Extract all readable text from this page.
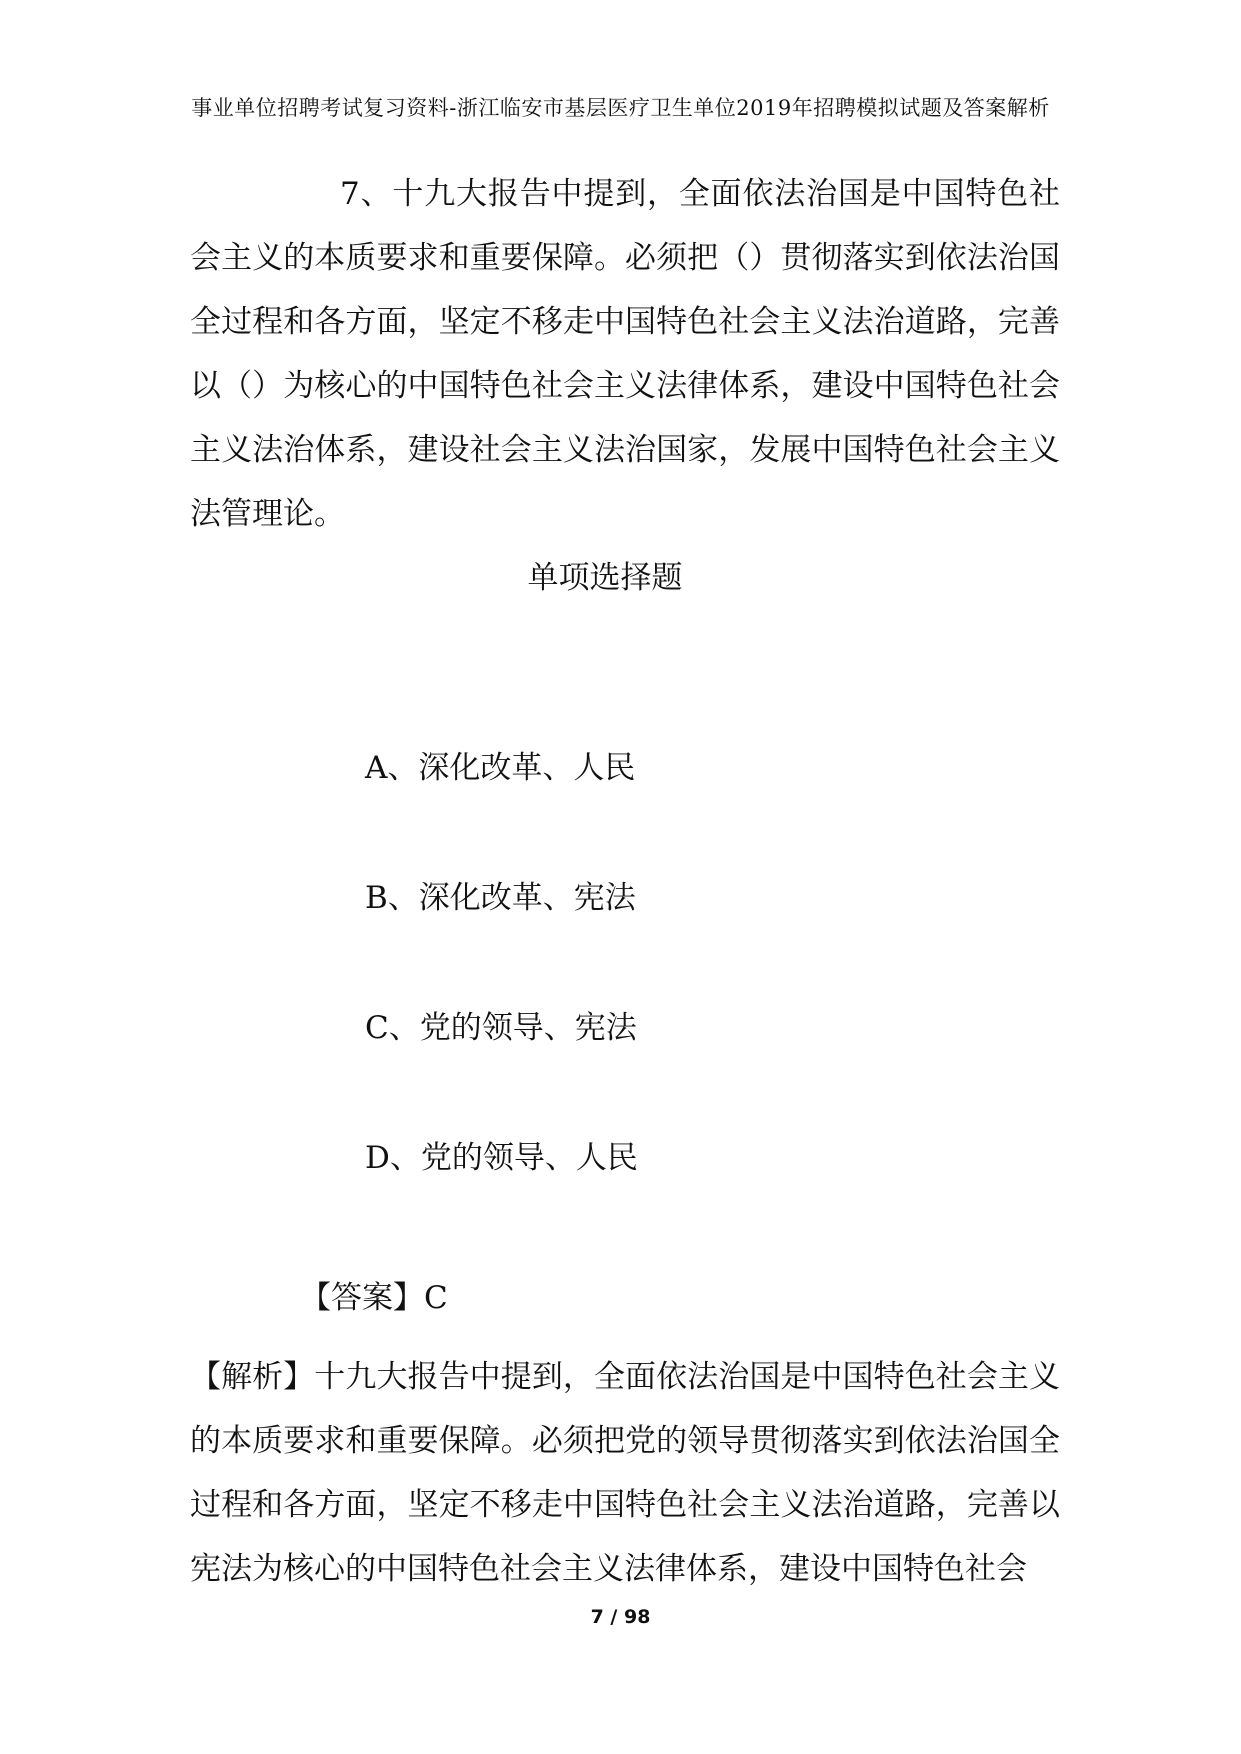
事业单位招聘考试复习资料-浙江临安市基层医疗卫生单位2019年招聘模拟试题及答案解析

7、十九大报告中提到，全面依法治国是中国特色社会主义的本质要求和重要保障。必须把（）贯彻落实到依法治国全过程和各方面，坚定不移走中国特色社会主义法治道路，完善以（）为核心的中国特色社会主义法律体系，建设中国特色社会主义法治体系，建设社会主义法治国家，发展中国特色社会主义法管理论。

单项选择题

A、深化改革、人民
B、深化改革、宪法
C、党的领导、宪法
D、党的领导、人民
【答案】C

【解析】十九大报告中提到，全面依法治国是中国特色社会主义的本质要求和重要保障。必须把党的领导贯彻落实到依法治国全过程和各方面，坚定不移走中国特色社会主义法治道路，完善以宪法为核心的中国特色社会主义法律体系，建设中国特色社会

7 / 98
